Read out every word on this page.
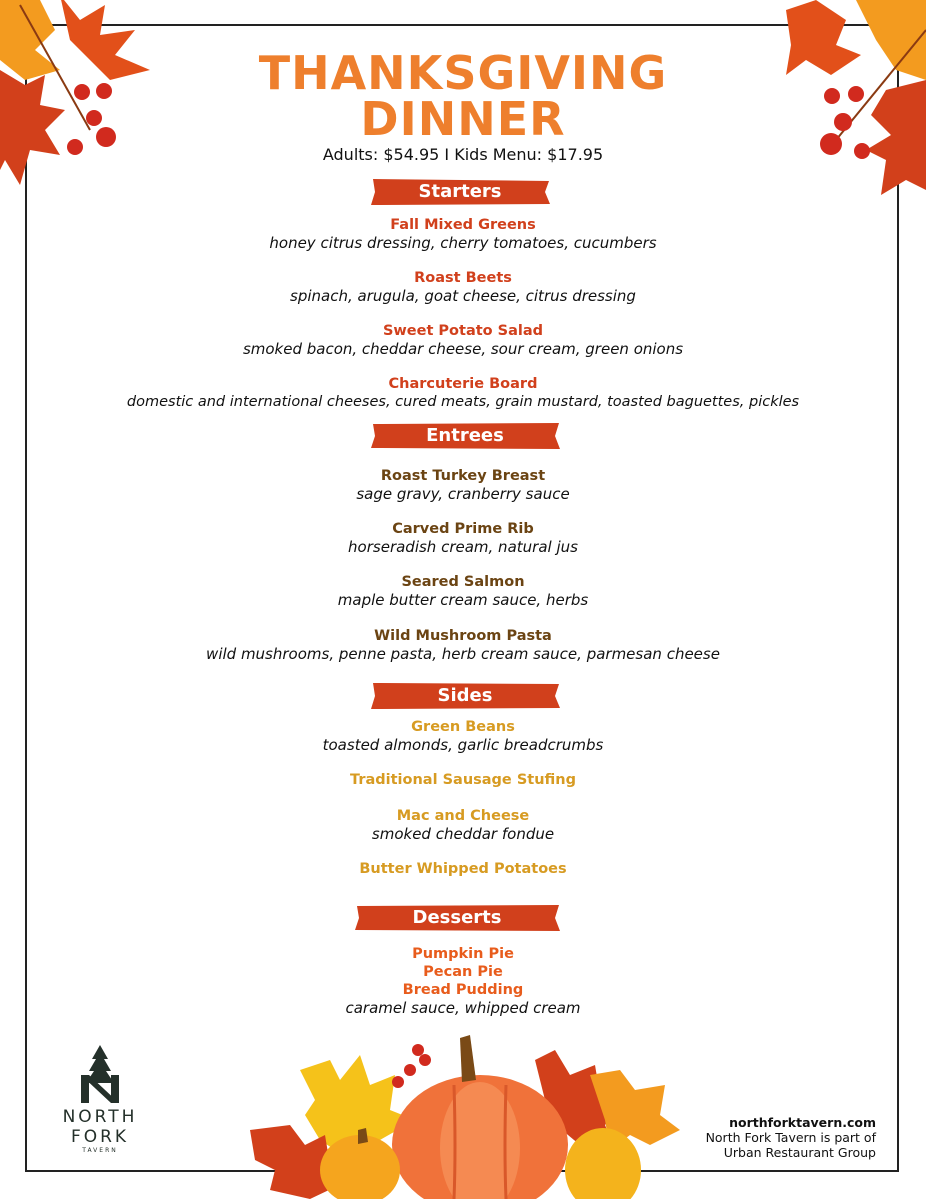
THANKSGIVING
DINNER
Adults: $54.95 I Kids Menu: $17.95
Starters
Fall Mixed Greens
honey citrus dressing, cherry tomatoes, cucumbers
Roast Beets
spinach, arugula, goat cheese, citrus dressing
Sweet Potato Salad
smoked bacon, cheddar cheese, sour cream, green onions
Charcuterie Board
domestic and international cheeses, cured meats, grain mustard, toasted baguettes, pickles
Entrees
Roast Turkey Breast
sage gravy, cranberry sauce
Carved Prime Rib
horseradish cream, natural jus
Seared Salmon
maple butter cream sauce, herbs
Wild Mushroom Pasta
wild mushrooms, penne pasta, herb cream sauce, parmesan cheese
Sides
Green Beans
toasted almonds, garlic breadcrumbs
Traditional Sausage Stufing
Mac and Cheese
smoked cheddar fondue
Butter Whipped Potatoes
Desserts
Pumpkin Pie
Pecan Pie
Bread Pudding
caramel sauce, whipped cream
NORTH
FORK
TAVERN
northforktavern.com
North Fork Tavern is part of
Urban Restaurant Group
